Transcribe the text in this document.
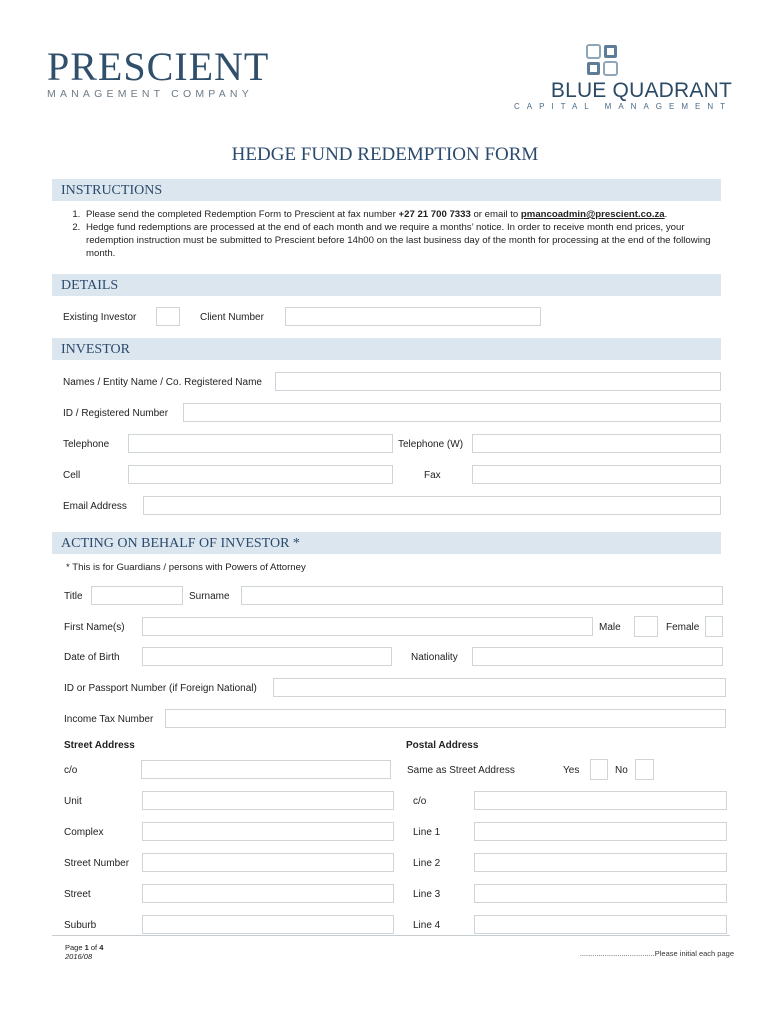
PRESCIENT
MANAGEMENT COMPANY	BLUE QUADRANT
CAPITAL MANAGEMENT
HEDGE FUND REDEMPTION FORM
INSTRUCTIONS
1. Please send the completed Redemption Form to Prescient at fax number +27 21 700 7333 or email to pmancoadmin@prescient.co.za.
2. Hedge fund redemptions are processed at the end of each month and we require a months’ notice. In order to receive month end prices, your redemption instruction must be submitted to Prescient before 14h00 on the last business day of the month for processing at the end of the following month.
DETAILS
Existing Investor	Client Number
INVESTOR
Names / Entity Name / Co. Registered Name
ID / Registered Number
Telephone	Telephone (W)
Cell	Fax
Email Address
ACTING ON BEHALF OF INVESTOR *
* This is for Guardians / persons with Powers of Attorney
Title	Surname
First Name(s)	Male	Female
Date of Birth	Nationality
ID or Passport Number (if Foreign National)
Income Tax Number
Street Address	Postal Address
c/o	Same as Street Address	Yes	No
Unit	c/o
Complex	Line 1
Street Number	Line 2
Street	Line 3
Suburb	Line 4
Page 1 of 4
2016/08	....................................Please initial each page
